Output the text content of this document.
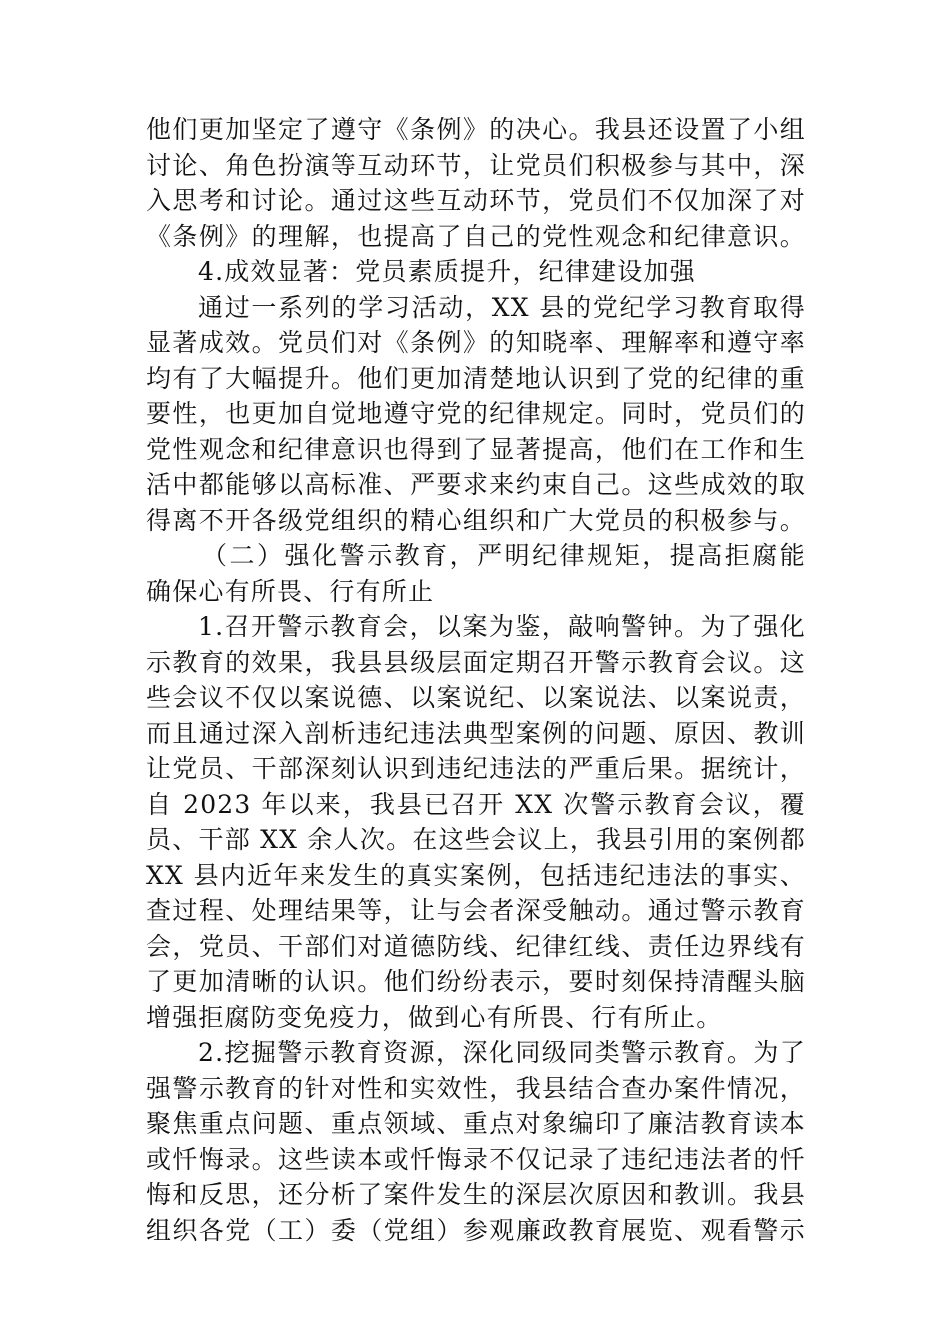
他们更加坚定了遵守《条例》的决心。我县还设置了小组
讨论、角色扮演等互动环节，让党员们积极参与其中，深
入思考和讨论。通过这些互动环节，党员们不仅加深了对
《条例》的理解，也提高了自己的党性观念和纪律意识。
4.成效显著：党员素质提升，纪律建设加强
通过一系列的学习活动，XX 县的党纪学习教育取得
显著成效。党员们对《条例》的知晓率、理解率和遵守率
均有了大幅提升。他们更加清楚地认识到了党的纪律的重
要性，也更加自觉地遵守党的纪律规定。同时，党员们的
党性观念和纪律意识也得到了显著提高，他们在工作和生
活中都能够以高标准、严要求来约束自己。这些成效的取
得离不开各级党组织的精心组织和广大党员的积极参与。
（二）强化警示教育，严明纪律规矩，提高拒腐能
确保心有所畏、行有所止
1.召开警示教育会，以案为鉴，敲响警钟。为了强化
示教育的效果，我县县级层面定期召开警示教育会议。这
些会议不仅以案说德、以案说纪、以案说法、以案说责，
而且通过深入剖析违纪违法典型案例的问题、原因、教训
让党员、干部深刻认识到违纪违法的严重后果。据统计，
自 2023 年以来，我县已召开 XX 次警示教育会议，覆
员、干部 XX 余人次。在这些会议上，我县引用的案例都
XX 县内近年来发生的真实案例，包括违纪违法的事实、
查过程、处理结果等，让与会者深受触动。通过警示教育
会，党员、干部们对道德防线、纪律红线、责任边界线有
了更加清晰的认识。他们纷纷表示，要时刻保持清醒头脑
增强拒腐防变免疫力，做到心有所畏、行有所止。
2.挖掘警示教育资源，深化同级同类警示教育。为了
强警示教育的针对性和实效性，我县结合查办案件情况，
聚焦重点问题、重点领域、重点对象编印了廉洁教育读本
或忏悔录。这些读本或忏悔录不仅记录了违纪违法者的忏
悔和反思，还分析了案件发生的深层次原因和教训。我县
组织各党（工）委（党组）参观廉政教育展览、观看警示
